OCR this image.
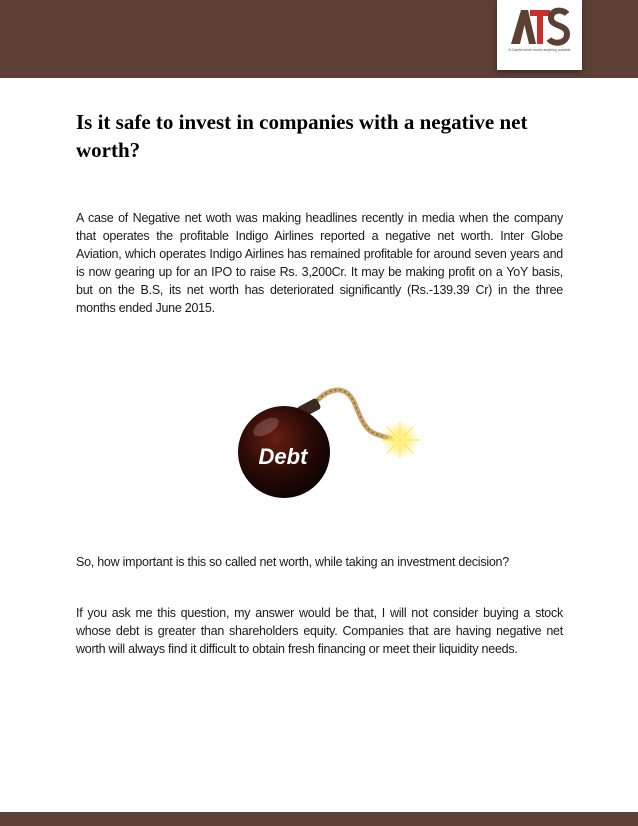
A Capital which works anything possible
Is it safe to invest in companies with a negative net worth?

A case of Negative net woth was making headlines recently in media when the company that operates the profitable Indigo Airlines reported a negative net worth. Inter Globe Aviation, which operates Indigo Airlines has remained profitable for around seven years and is now gearing up for an IPO to raise Rs. 3,200Cr. It may be making profit on a YoY basis, but on the B.S, its net worth has deteriorated significantly (Rs.-139.39 Cr) in the three months ended June 2015.

Debt

So, how important is this so called net worth, while taking an investment decision?

If you ask me this question, my answer would be that, I will not consider buying a stock whose debt is greater than shareholders equity. Companies that are having negative net worth will always find it difficult to obtain fresh financing or meet their liquidity needs.
